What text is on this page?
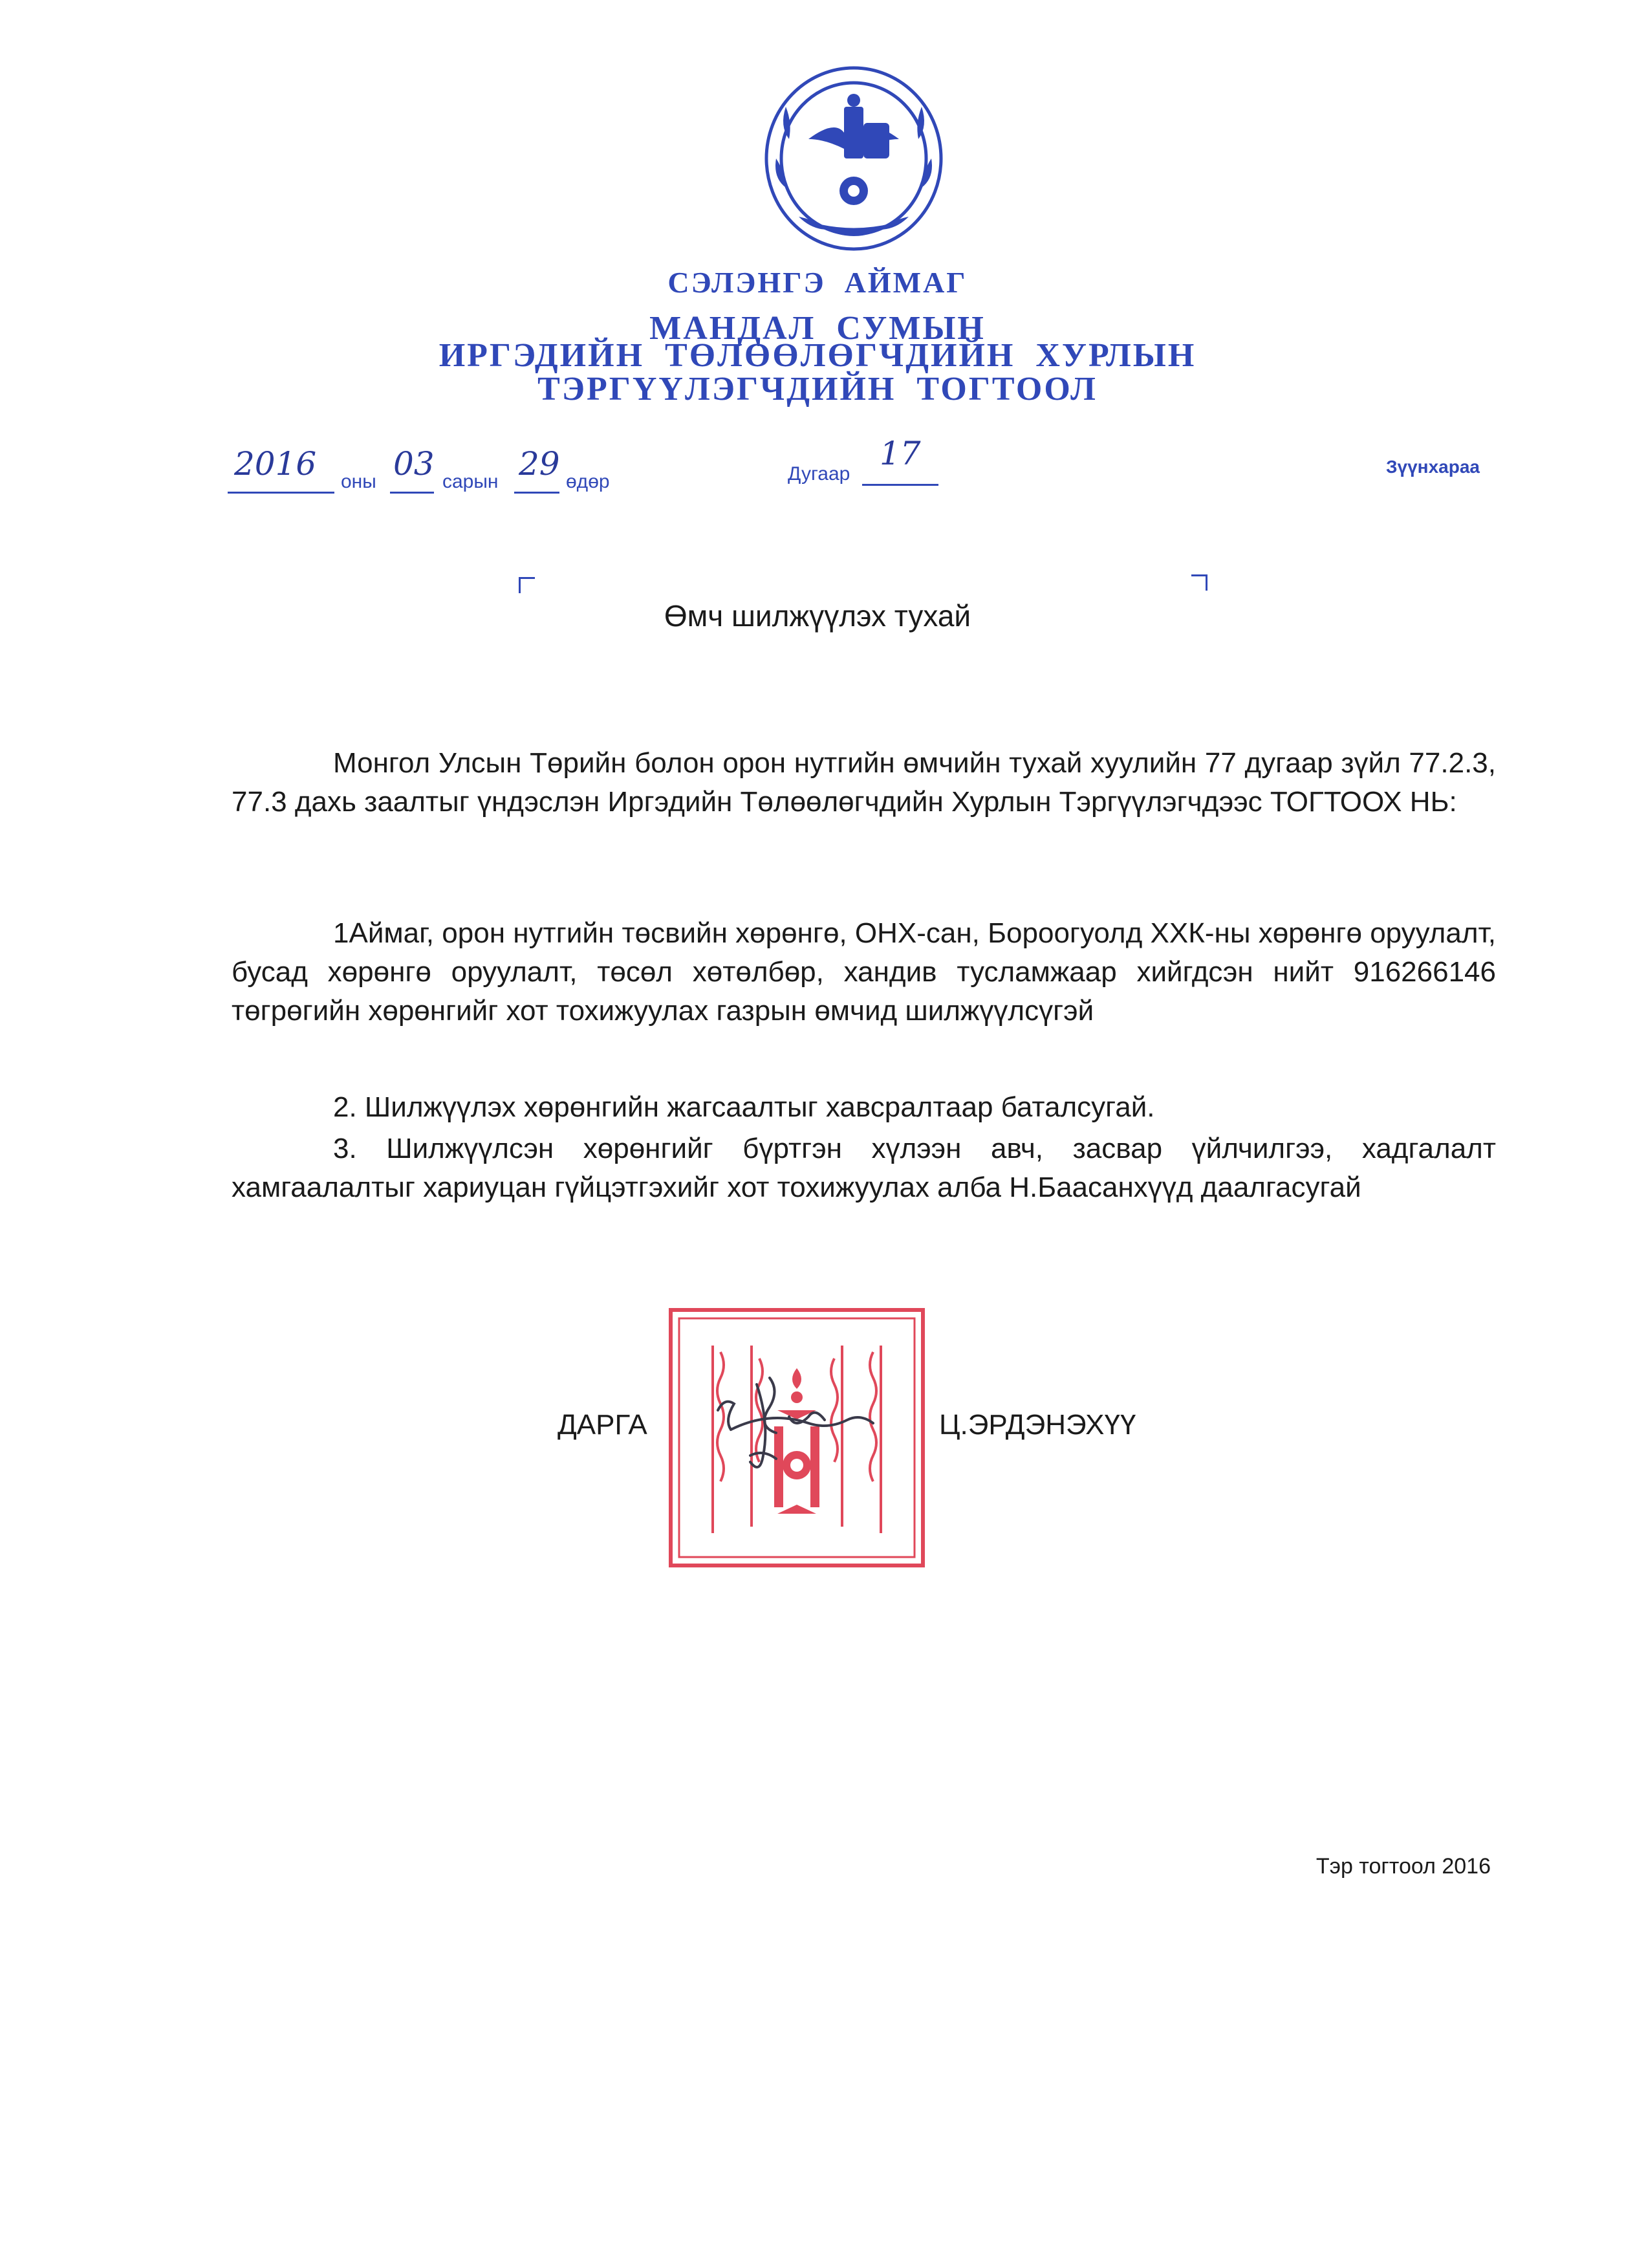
СЭЛЭНГЭ  АЙМАГ
МАНДАЛ  СУМЫН
ИРГЭДИЙН  ТӨЛӨӨЛӨГЧДИЙН  ХУРЛЫН
ТЭРГҮҮЛЭГЧДИЙН  ТОГТООЛ
2016 оны 03 сарын 29 өдөр	Дугаар
17	Зүүнхараа
Өмч шилжүүлэх тухай
Монгол Улсын Төрийн болон орон нутгийн өмчийн тухай хуулийн 77 дугаар зүйл 77.2.3, 77.3 дахь заалтыг үндэслэн Иргэдийн Төлөөлөгчдийн Хурлын Тэргүүлэгчдээс ТОГТООХ НЬ:
1Аймаг, орон нутгийн төсвийн хөрөнгө, ОНХ-сан, Бороогуолд ХХК-ны хөрөнгө оруулалт, бусад хөрөнгө оруулалт, төсөл хөтөлбөр, хандив тусламжаар хийгдсэн нийт 916266146 төгрөгийн хөрөнгийг хот тохижуулах газрын өмчид шилжүүлсүгэй
2. Шилжүүлэх хөрөнгийн жагсаалтыг хавсралтаар баталсугай.
3. Шилжүүлсэн хөрөнгийг бүртгэн хүлээн авч, засвар үйлчилгээ, хадгалалт хамгаалалтыг хариуцан гүйцэтгэхийг хот тохижуулах алба Н.Баасанхүүд даалгасугай
ДАРГА	Ц.ЭРДЭНЭХҮҮ
Тэр тогтоол 2016
